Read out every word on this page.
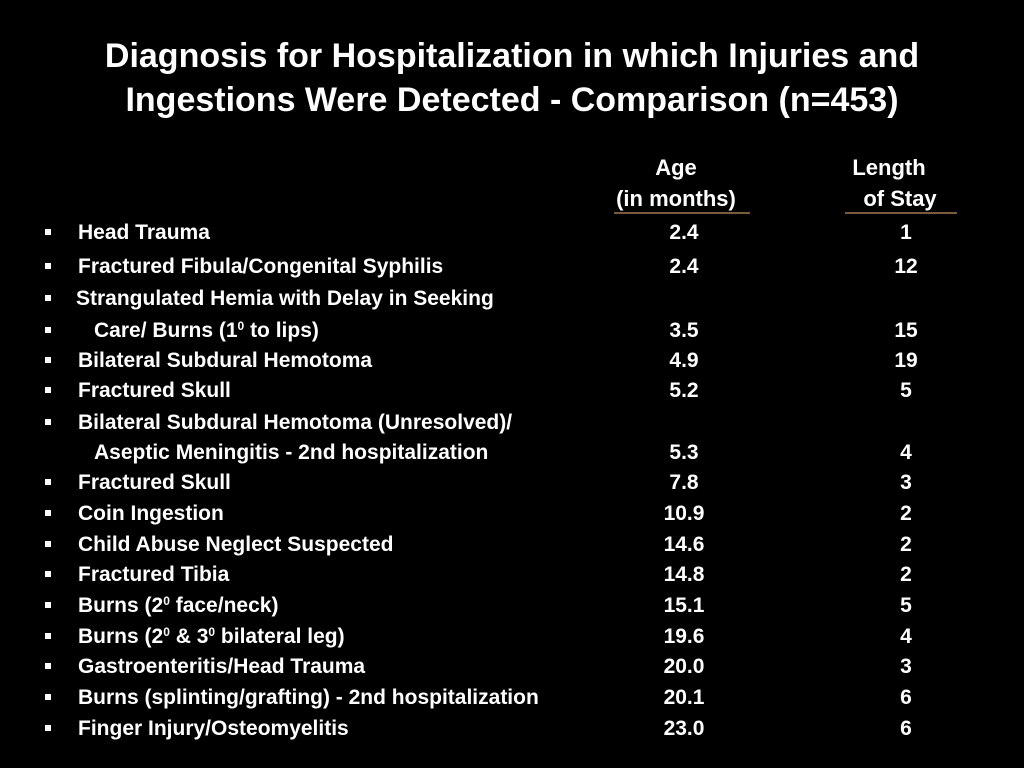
Diagnosis for Hospitalization in which Injuries and
Ingestions Were Detected - Comparison (n=453)
Age
(in months)
Length
of Stay
Head Trauma	2.4	1
Fractured Fibula/Congenital Syphilis	2.4	12
Strangulated Hemia with Delay in Seeking
Care/ Burns ($1^0$ to lips)	3.5	15
Bilateral Subdural Hemotoma	4.9	19
Fractured Skull	5.2	5
Bilateral Subdural Hemotoma (Unresolved)/
Aseptic Meningitis - 2nd hospitalization	5.3	4
Fractured Skull	7.8	3
Coin Ingestion	10.9	2
Child Abuse Neglect Suspected	14.6	2
Fractured Tibia	14.8	2
Burns ($2^0$ face/neck)	15.1	5
Burns ($2^0$ & $3^0$ bilateral leg)	19.6	4
Gastroenteritis/Head Trauma	20.0	3
Burns (splinting/grafting) - 2nd hospitalization	20.1	6
Finger Injury/Osteomyelitis	23.0	6
